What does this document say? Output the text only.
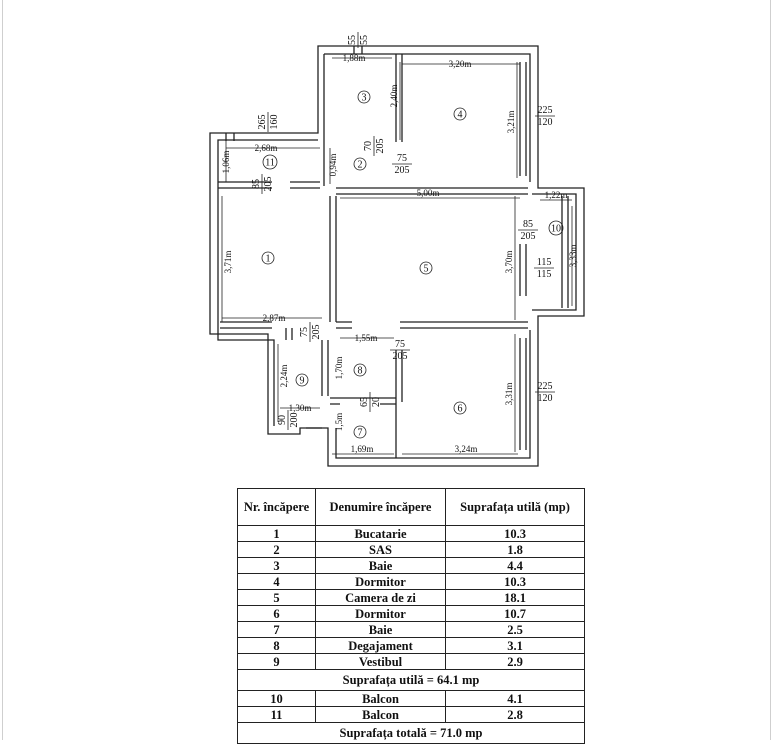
1,88m
3,20m
2,40m
3,21m
2,68m
1,06m	0,94m
5,00m	1,22m
3,71m	3,70m	3,33m
2,87m
1,55m
1,70m
2,24m
1,30m
3,31m
1,5m
1,69m	3,24m
55 55
225
120
265 160
70 205
75
205
85 205
85
205
115
115
75 205
75
205
65 20
90 200
225
120
1
2
3
4
5
6
7
8
9
10
11
Nr. încăpere	Denumire încăpere	Suprafața utilă (mp)
1	Bucatarie	10.3
2	SAS	1.8
3	Baie	4.4
4	Dormitor	10.3
5	Camera de zi	18.1
6	Dormitor	10.7
7	Baie	2.5
8	Degajament	3.1
9	Vestibul	2.9
Suprafața utilă = 64.1 mp		
10	Balcon	4.1
11	Balcon	2.8
Suprafața totală = 71.0 mp		
